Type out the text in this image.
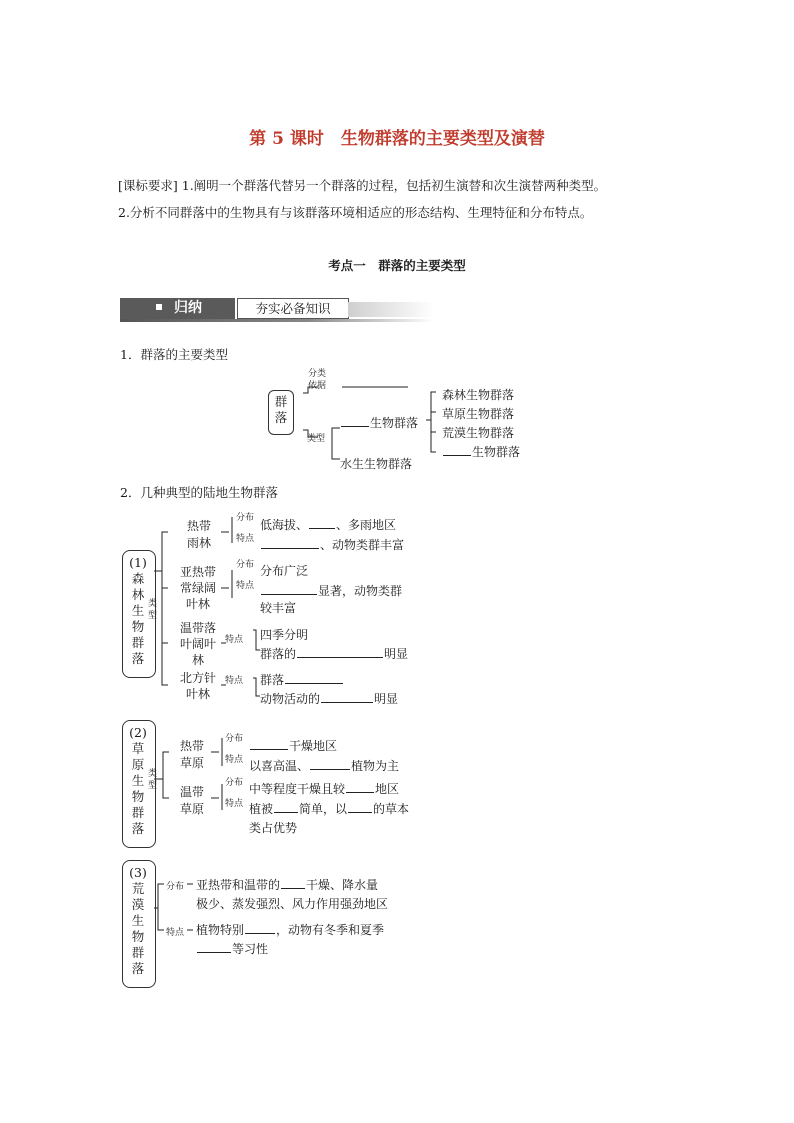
第 5 课时　生物群落的主要类型及演替
[课标要求] 1.阐明一个群落代替另一个群落的过程，包括初生演替和次生演替两种类型。
2.分析不同群落中的生物具有与该群落环境相适应的形态结构、生理特征和分布特点。
考点一　群落的主要类型
归纳	夯实必备知识
1．群落的主要类型
群
落
分类
依据
类型
生物群落
水生生物群落
森林生物群落
草原生物群落
荒漠生物群落
生物群落
2．几种典型的陆地生物群落
(1)
森
林
生
物
群
落
类
型
热带
雨林
分布
特点
低海拔、 、多雨地区
、动物类群丰富
亚热带
常绿阔
叶林
分布
特点
分布广泛
显著，动物类群
较丰富
温带落
叶阔叶
林
特点 四季分明
群落的	明显
北方针
叶林
特点 群落
动物活动的	明显
(2)
草
原
生
物
群
落
类
型
热带
草原
分布
特点
干燥地区
以喜高温、	植物为主
温带
草原
分布
特点
中等程度干燥且较	地区
植被 简单，以 的草本
类占优势
(3)
荒
漠
生
物
群
落
分布
特点
亚热带和温带的 干燥、降水量
极少、蒸发强烈、风力作用强劲地区
植物特别	，动物有冬季和夏季
等习性
